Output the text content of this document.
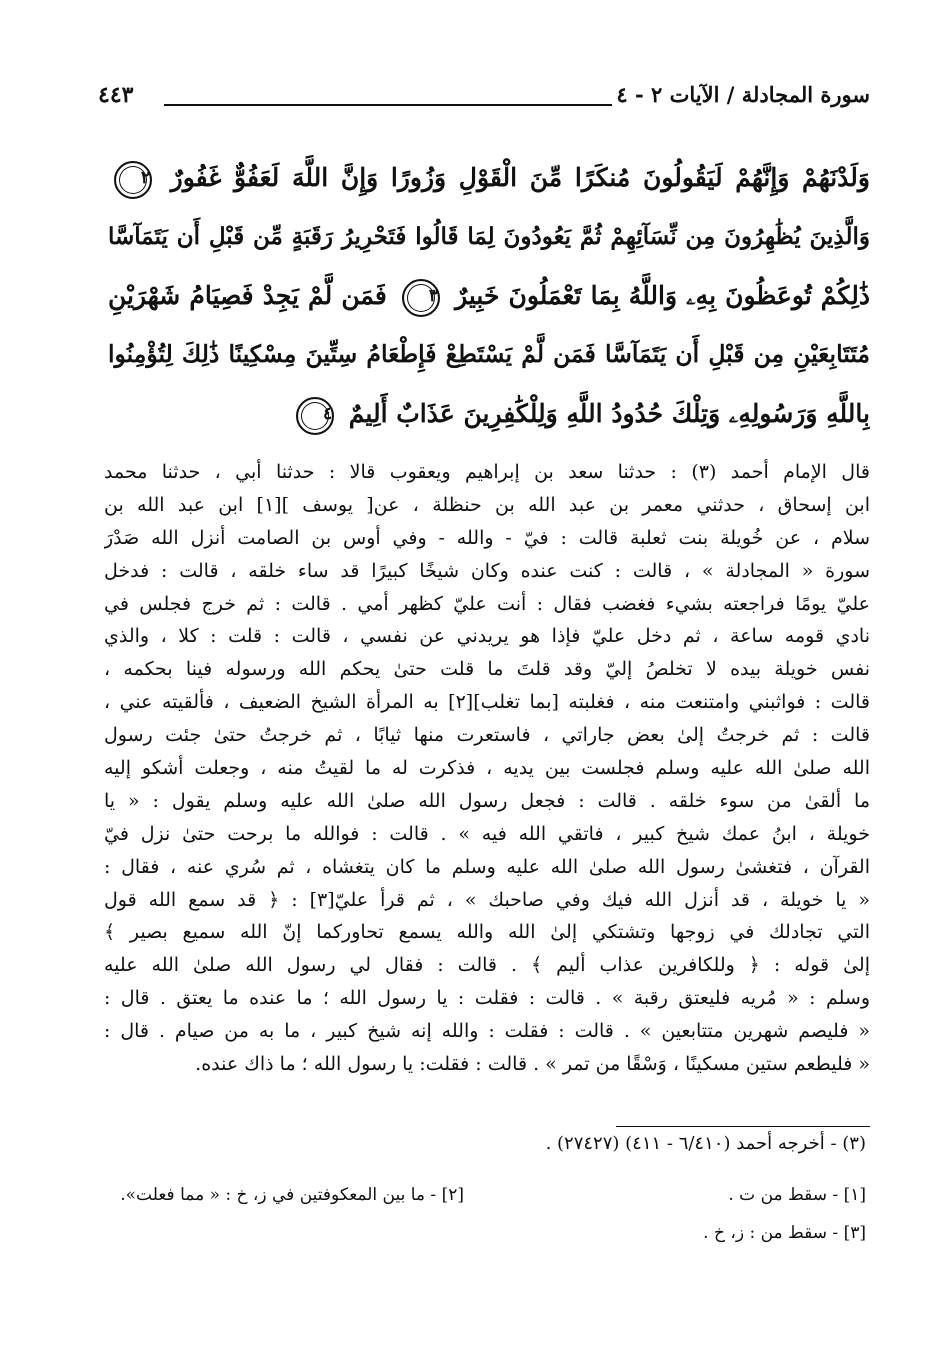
٤٤٣	سورة المجادلة / الآيات ٢ - ٤
وَلَدْنَهُمْ وَإِنَّهُمْ لَيَقُولُونَ مُنكَرًا مِّنَ الْقَوْلِ وَزُورًا وَإِنَّ اللَّهَ لَعَفُوٌّ غَفُورٌ ٢
وَالَّذِينَ يُظَٰهِرُونَ مِن نِّسَآئِهِمْ ثُمَّ يَعُودُونَ لِمَا قَالُوا فَتَحْرِيرُ رَقَبَةٍ مِّن قَبْلِ أَن يَتَمَآسَّا
ذَٰلِكُمْ تُوعَظُونَ بِهِۦ وَاللَّهُ بِمَا تَعْمَلُونَ خَبِيرٌ ٣ فَمَن لَّمْ يَجِدْ فَصِيَامُ شَهْرَيْنِ
مُتَتَابِعَيْنِ مِن قَبْلِ أَن يَتَمَآسَّا فَمَن لَّمْ يَسْتَطِعْ فَإِطْعَامُ سِتِّينَ مِسْكِينًا ذَٰلِكَ لِتُؤْمِنُوا
بِاللَّهِ وَرَسُولِهِۦ وَتِلْكَ حُدُودُ اللَّهِ وَلِلْكَٰفِرِينَ عَذَابٌ أَلِيمٌ ٤
قال الإمام أحمد (٣) : حدثنا سعد بن إبراهيم ويعقوب قالا : حدثنا أبي ، حدثنا محمد
ابن إسحاق ، حدثني معمر بن عبد الله بن حنظلة ، عن[ يوسف ][١] ابن عبد الله بن
سلام ، عن خُويلة بنت ثعلبة قالت : فيّ - والله - وفي أوس بن الصامت أنزل الله صَدْرَ
سورة « المجادلة » ، قالت : كنت عنده وكان شيخًا كبيرًا قد ساء خلقه ، قالت : فدخل
عليّ يومًا فراجعته بشيء فغضب فقال : أنت عليّ كظهر أمي . قالت : ثم خرج فجلس في
نادي قومه ساعة ، ثم دخل عليّ فإذا هو يريدني عن نفسي ، قالت : قلت : كلا ، والذي
نفس خويلة بيده لا تخلصُ إليّ وقد قلتَ ما قلت حتىٰ يحكم الله ورسوله فينا بحكمه ،
قالت : فواثبني وامتنعت منه ، فغلبته [بما تغلب][٢] به المرأة الشيخ الضعيف ، فألقيته عني ،
قالت : ثم خرجتُ إلىٰ بعض جاراتي ، فاستعرت منها ثيابًا ، ثم خرجتُ حتىٰ جئت رسول
الله صلىٰ الله عليه وسلم فجلست بين يديه ، فذكرت له ما لقيتُ منه ، وجعلت أشكو إليه
ما ألقىٰ من سوء خلقه . قالت : فجعل رسول الله صلىٰ الله عليه وسلم يقول : « يا
خويلة ، ابنُ عمك شيخ كبير ، فاتقي الله فيه » . قالت : فوالله ما برحت حتىٰ نزل فيّ
القرآن ، فتغشىٰ رسول الله صلىٰ الله عليه وسلم ما كان يتغشاه ، ثم سُري عنه ، فقال :
« يا خويلة ، قد أنزل الله فيك وفي صاحبك » ، ثم قرأ عليّ[٣] : ﴿ قد سمع الله قول
التي تجادلك في زوجها وتشتكي إلىٰ الله والله يسمع تحاوركما إنّ الله سميع بصير ﴾
إلىٰ قوله : ﴿ وللكافرين عذاب أليم ﴾ . قالت : فقال لي رسول الله صلىٰ الله عليه
وسلم : « مُريه فليعتق رقبة » . قالت : فقلت : يا رسول الله ؛ ما عنده ما يعتق . قال :
« فليصم شهرين متتابعين » . قالت : فقلت : والله إنه شيخ كبير ، ما به من صيام . قال :
« فليطعم ستين مسكينًا ، وَسْقًا من تمر » . قالت : فقلت: يا رسول الله ؛ ما ذاك عنده.
(٣) - أخرجه أحمد (٦/٤١٠ - ٤١١) (٢٧٤٢٧) .
[١] - سقط من ت .
[٢] - ما بين المعكوفتين في ز، خ : « مما فعلت».
[٣] - سقط من : ز، خ .
